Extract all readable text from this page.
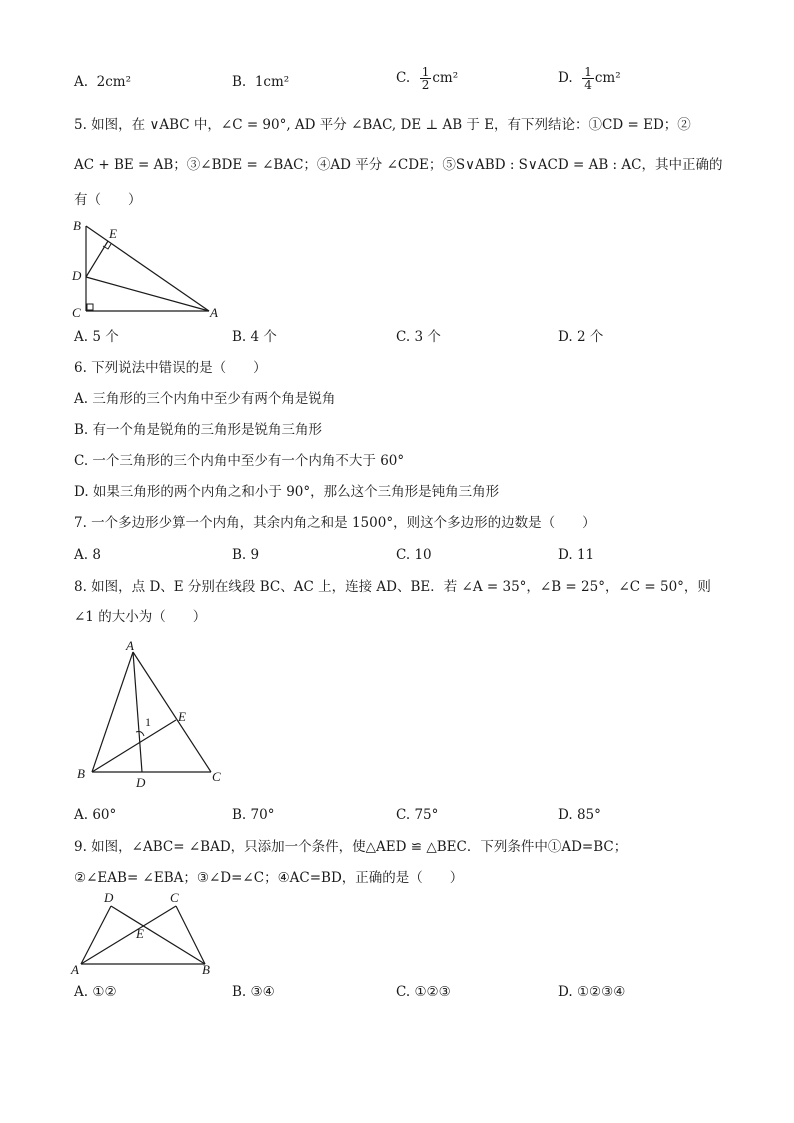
A. 2cm²	B. 1cm²	C. $\frac{1}{2} cm^2$	D. $\frac{1}{4} cm^2$
5. 如图，在 ∨ABC 中，∠C = 90°, AD 平分 ∠BAC, DE ⊥ AB 于 E，有下列结论：①CD = ED；②
AC + BE = AB；③∠BDE = ∠BAC；④AD 平分 ∠CDE；⑤S∨ABD : S∨ACD = AB : AC，其中正确的
有（　　）
B
E
D
C	A
A. 5 个	B. 4 个	C. 3 个	D. 2 个
6. 下列说法中错误的是（　　）
A. 三角形的三个内角中至少有两个角是锐角
B. 有一个角是锐角的三角形是锐角三角形
C. 一个三角形的三个内角中至少有一个内角不大于 60°
D. 如果三角形的两个内角之和小于 90°，那么这个三角形是钝角三角形
7. 一个多边形少算一个内角，其余内角之和是 1500°，则这个多边形的边数是（　　）
A. 8	B. 9	C. 10	D. 11
8. 如图，点 D、E 分别在线段 BC、AC 上，连接 AD、BE．若 ∠A = 35°，∠B = 25°，∠C = 50°，则
∠1 的大小为（　　）
A
E
1
B
D	C
A. 60°	B. 70°	C. 75°	D. 85°
9. 如图，∠ABC= ∠BAD，只添加一个条件，使△AED ≌ △BEC．下列条件中①AD=BC；
②∠EAB= ∠EBA；③∠D=∠C；④AC=BD，正确的是（　　）
D	C
E
A	B
A. ①②	B. ③④	C. ①②③	D. ①②③④
